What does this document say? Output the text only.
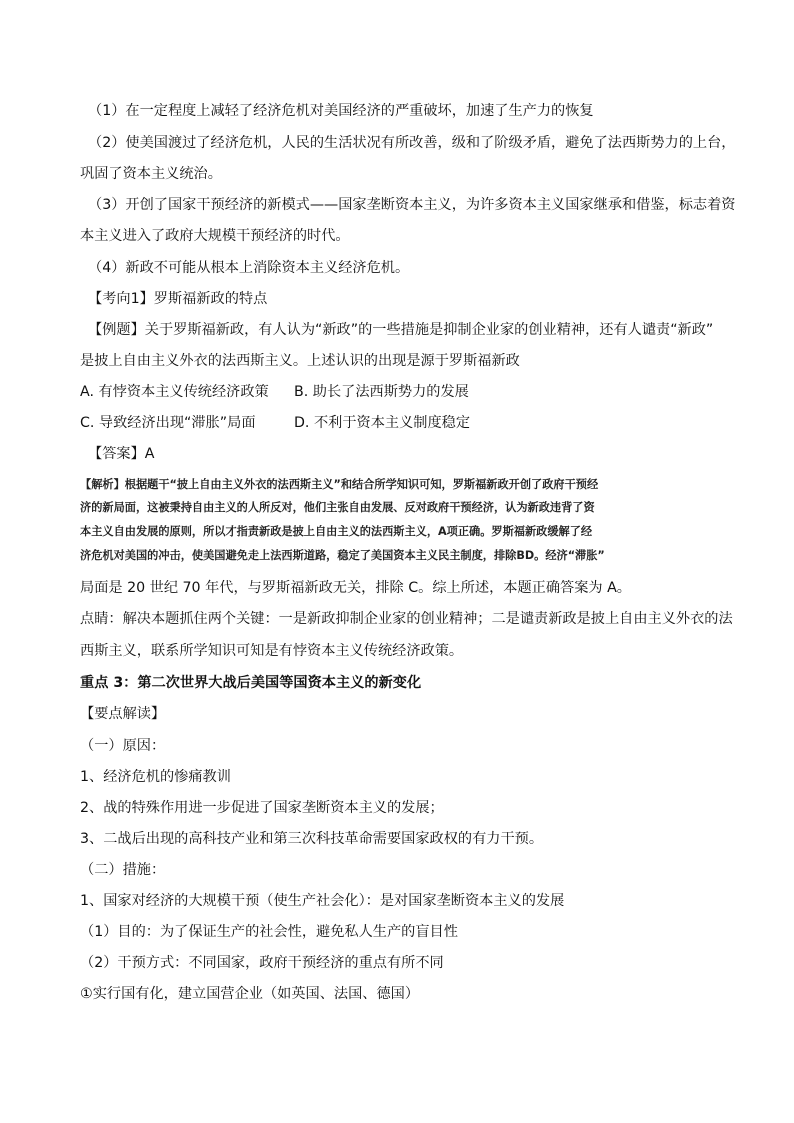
（1）在一定程度上减轻了经济危机对美国经济的严重破坏，加速了生产力的恢复
（2）使美国渡过了经济危机，人民的生活状况有所改善，级和了阶级矛盾，避免了法西斯势力的上台，
巩固了资本主义统治。
（3）开创了国家干预经济的新模式——国家垄断资本主义，为许多资本主义国家继承和借鉴，标志着资
本主义进入了政府大规模干预经济的时代。
（4）新政不可能从根本上消除资本主义经济危机。
【考向1】罗斯福新政的特点
【例题】关于罗斯福新政，有人认为“新政”的一些措施是抑制企业家的创业精神，还有人谴责“新政”
是披上自由主义外衣的法西斯主义。上述认识的出现是源于罗斯福新政
A. 有悖资本主义传统经济政策 B. 助长了法西斯势力的发展
C. 导致经济出现“滞胀”局面	D. 不利于资本主义制度稳定
【答案】A
【解析】根据题干“披上自由主义外衣的法西斯主义”和结合所学知识可知，罗斯福新政开创了政府干预经
济的新局面，这被秉持自由主义的人所反对，他们主张自由发展、反对政府干预经济，认为新政违背了资
本主义自由发展的原则，所以才指责新政是披上自由主义的法西斯主义，A项正确。罗斯福新政缓解了经
济危机对美国的冲击，使美国避免走上法西斯道路，稳定了美国资本主义民主制度，排除BD。经济“滞胀”
局面是 20 世纪 70 年代，与罗斯福新政无关，排除 C。综上所述，本题正确答案为 A。
点睛：解决本题抓住两个关键：一是新政抑制企业家的创业精神；二是谴责新政是披上自由主义外衣的法
西斯主义，联系所学知识可知是有悖资本主义传统经济政策。
重点 3：第二次世界大战后美国等国资本主义的新变化
【要点解读】
（一）原因：
1、经济危机的惨痛教训
2、战的特殊作用进一步促进了国家垄断资本主义的发展；
3、二战后出现的高科技产业和第三次科技革命需要国家政权的有力干预。
（二）措施：
1、国家对经济的大规模干预（使生产社会化）：是对国家垄断资本主义的发展
（1）目的：为了保证生产的社会性，避免私人生产的盲目性
（2）干预方式：不同国家，政府干预经济的重点有所不同
①实行国有化，建立国营企业（如英国、法国、德国）
